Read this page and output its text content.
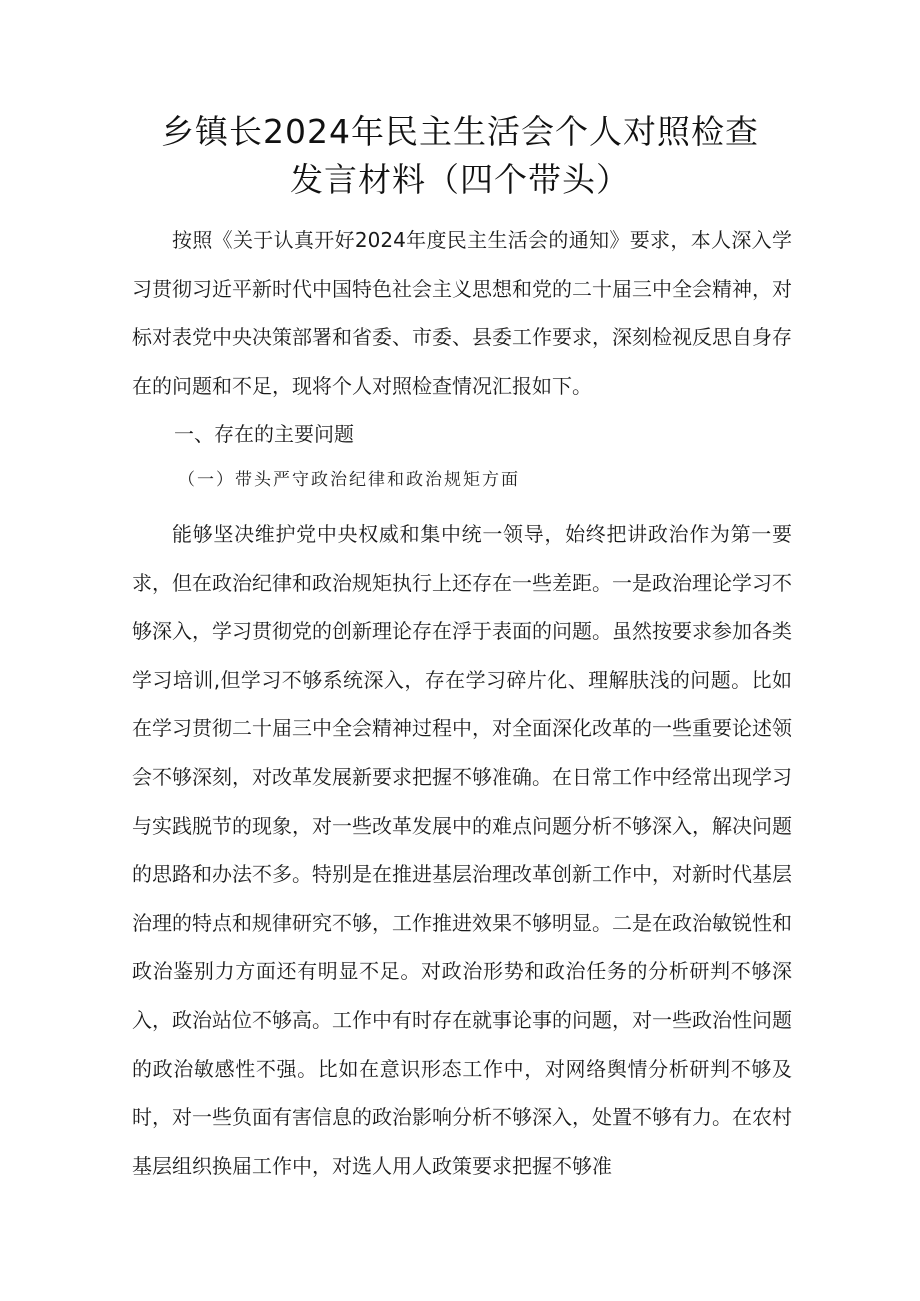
乡镇长2024年民主生活会个人对照检查
发言材料（四个带头）

按照《关于认真开好2024年度民主生活会的通知》要求，本人深入学习贯彻习近平新时代中国特色社会主义思想和党的二十届三中全会精神，对标对表党中央决策部署和省委、市委、县委工作要求，深刻检视反思自身存在的问题和不足，现将个人对照检查情况汇报如下。

一、存在的主要问题
（一）带头严守政治纪律和政治规矩方面

能够坚决维护党中央权威和集中统一领导，始终把讲政治作为第一要求，但在政治纪律和政治规矩执行上还存在一些差距。一是政治理论学习不够深入，学习贯彻党的创新理论存在浮于表面的问题。虽然按要求参加各类学习培训,但学习不够系统深入，存在学习碎片化、理解肤浅的问题。比如在学习贯彻二十届三中全会精神过程中，对全面深化改革的一些重要论述领会不够深刻，对改革发展新要求把握不够准确。在日常工作中经常出现学习与实践脱节的现象，对一些改革发展中的难点问题分析不够深入，解决问题的思路和办法不多。特别是在推进基层治理改革创新工作中，对新时代基层治理的特点和规律研究不够，工作推进效果不够明显。二是在政治敏锐性和政治鉴别力方面还有明显不足。对政治形势和政治任务的分析研判不够深入，政治站位不够高。工作中有时存在就事论事的问题，对一些政治性问题的政治敏感性不强。比如在意识形态工作中，对网络舆情分析研判不够及时，对一些负面有害信息的政治影响分析不够深入，处置不够有力。在农村基层组织换届工作中，对选人用人政策要求把握不够准
